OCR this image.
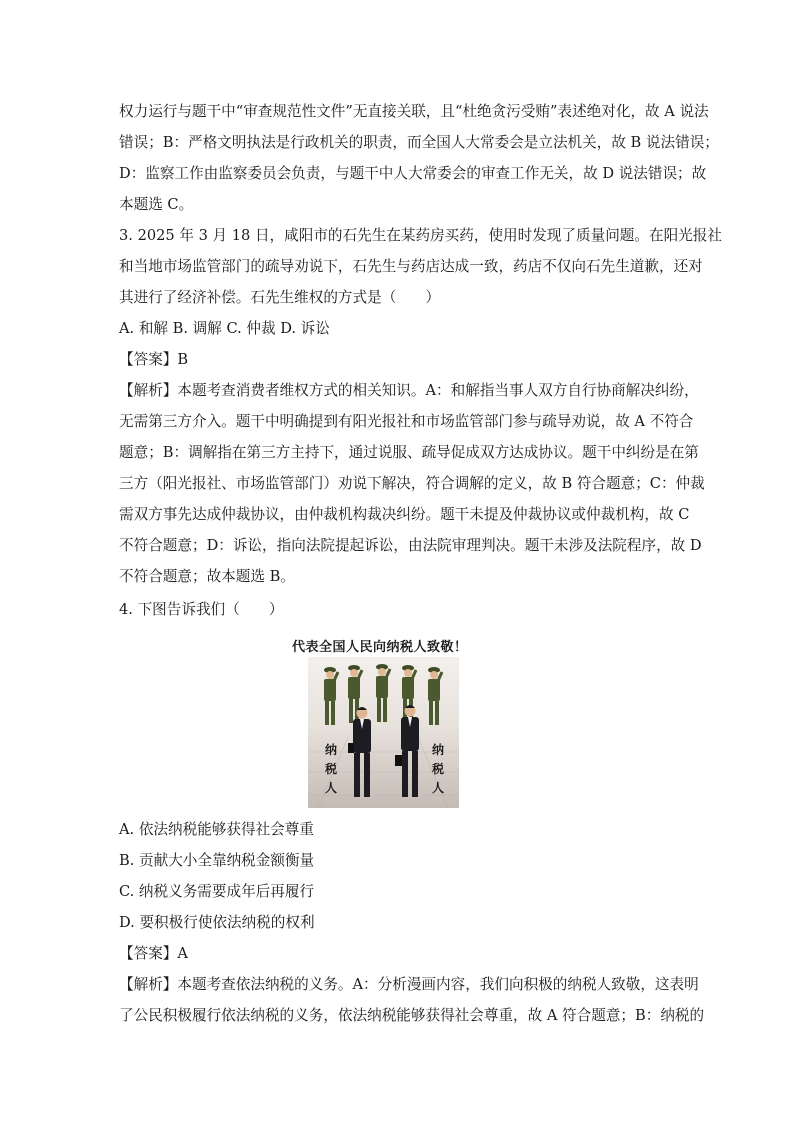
权力运行与题干中“审查规范性文件”无直接关联，且“杜绝贪污受贿”表述绝对化，故 A 说法
错误；B：严格文明执法是行政机关的职责，而全国人大常委会是立法机关，故 B 说法错误；
D：监察工作由监察委员会负责，与题干中人大常委会的审查工作无关，故 D 说法错误；故
本题选 C。
3. 2025 年 3 月 18 日，咸阳市的石先生在某药房买药，使用时发现了质量问题。在阳光报社
和当地市场监管部门的疏导劝说下，石先生与药店达成一致，药店不仅向石先生道歉，还对
其进行了经济补偿。石先生维权的方式是（　　）
A. 和解 B. 调解 C. 仲裁 D. 诉讼
【答案】B
【解析】本题考查消费者维权方式的相关知识。A：和解指当事人双方自行协商解决纠纷，
无需第三方介入。题干中明确提到有阳光报社和市场监管部门参与疏导劝说，故 A 不符合
题意；B：调解指在第三方主持下，通过说服、疏导促成双方达成协议。题干中纠纷是在第
三方（阳光报社、市场监管部门）劝说下解决，符合调解的定义，故 B 符合题意；C：仲裁
需双方事先达成仲裁协议，由仲裁机构裁决纠纷。题干未提及仲裁协议或仲裁机构，故 C
不符合题意；D：诉讼，指向法院提起诉讼，由法院审理判决。题干未涉及法院程序，故 D
不符合题意；故本题选 B。
4. 下图告诉我们（　　）
代表全国人民向纳税人致敬！
纳税人
纳税人
A. 依法纳税能够获得社会尊重
B. 贡献大小全靠纳税金额衡量
C. 纳税义务需要成年后再履行
D. 要积极行使依法纳税的权利
【答案】A
【解析】本题考查依法纳税的义务。A：分析漫画内容，我们向积极的纳税人致敬，这表明
了公民积极履行依法纳税的义务，依法纳税能够获得社会尊重，故 A 符合题意；B：纳税的
